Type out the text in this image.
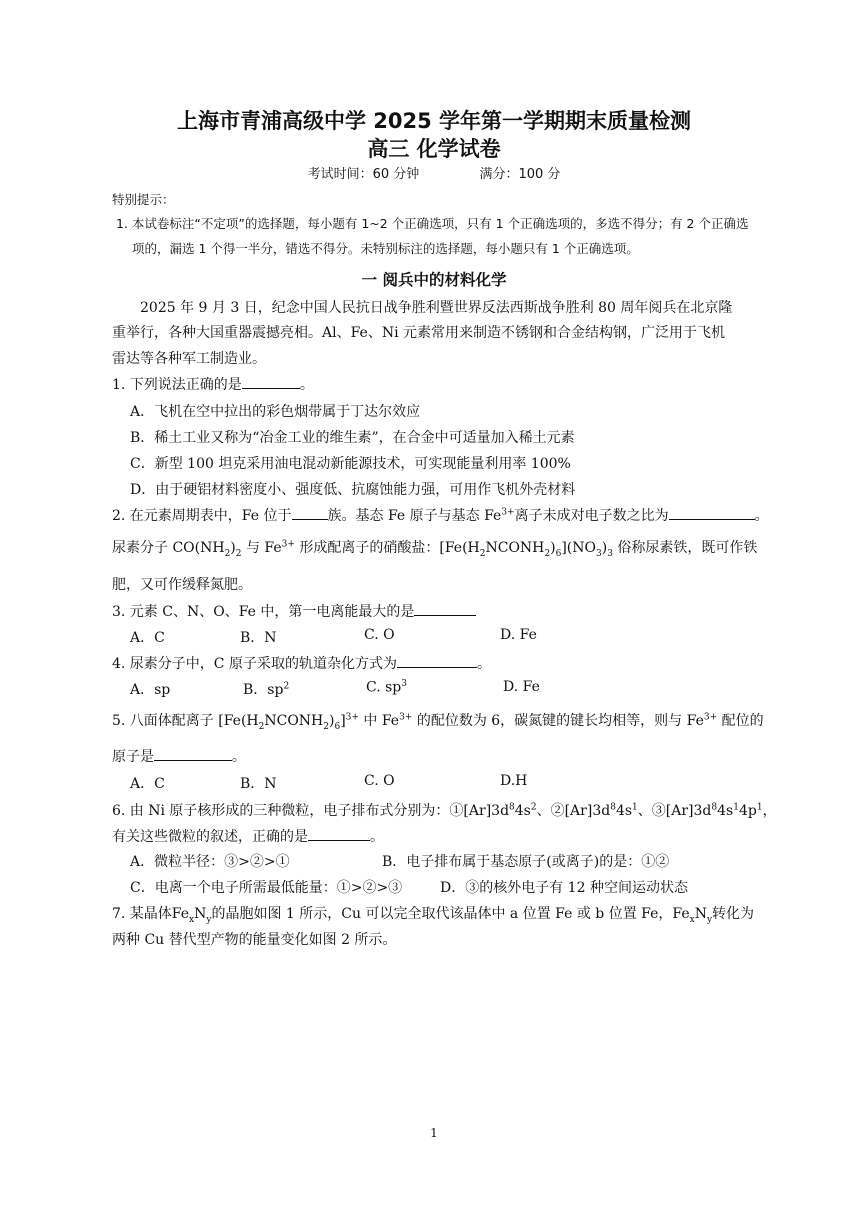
上海市青浦高级中学 2025 学年第一学期期末质量检测
高三 化学试卷
考试时间：60 分钟	满分：100 分
特别提示：
1. 本试卷标注“不定项”的选择题，每小题有 1~2 个正确选项，只有 1 个正确选项的，多选不得分；有 2 个正确选
项的，漏选 1 个得一半分，错选不得分。未特别标注的选择题，每小题只有 1 个正确选项。
一 阅兵中的材料化学
2025 年 9 月 3 日，纪念中国人民抗日战争胜利暨世界反法西斯战争胜利 80 周年阅兵在北京隆
重举行，各种大国重器震撼亮相。Al、Fe、Ni 元素常用来制造不锈钢和合金结构钢，广泛用于飞机
雷达等各种军工制造业。
1. 下列说法正确的是	。
A．飞机在空中拉出的彩色烟带属于丁达尔效应
B．稀土工业又称为“冶金工业的维生素”，在合金中可适量加入稀土元素
C．新型 100 坦克采用油电混动新能源技术，可实现能量利用率 100%
D．由于硬铝材料密度小、强度低、抗腐蚀能力强，可用作飞机外壳材料
2. 在元素周期表中，Fe 位于	族。基态 Fe 原子与基态 $Fe^{3+}$离子未成对电子数之比为	。
尿素分子 $CO(NH_2)_2$ 与 $Fe^{3+}$ 形成配离子的硝酸盐：$[Fe(H_2NCONH_2)_6](NO_3)_3$ 俗称尿素铁，既可作铁
肥，又可作缓释氮肥。
3. 元素 C、N、O、Fe 中，第一电离能最大的是
A．C	B．N	C. O	D. Fe
4. 尿素分子中，C 原子采取的轨道杂化方式为	。
A．sp	B．$sp^2$	C. $sp^3$	D. Fe
5. 八面体配离子 $[Fe(H_2NCONH_2)_6]^{3+}$ 中 $Fe^{3+}$ 的配位数为 6，碳氮键的键长均相等，则与 $Fe^{3+}$ 配位的
原子是	。
A．C	B．N	C. O	D.H
6. 由 Ni 原子核形成的三种微粒，电子排布式分别为：$①[Ar]3d^84s^2$、$②[Ar]3d^84s^1$、$③[Ar]3d^84s^14p^1$，
有关这些微粒的叙述，正确的是	。
A．微粒半径：③>②>①	B．电子排布属于基态原子(或离子)的是：①②
C．电离一个电子所需最低能量：①>②>③	D．③的核外电子有 12 种空间运动状态
7. 某晶体$Fe_xN_y$的晶胞如图 1 所示，Cu 可以完全取代该晶体中 a 位置 Fe 或 b 位置 Fe，$Fe_xN_y$转化为
两种 Cu 替代型产物的能量变化如图 2 所示。
1
